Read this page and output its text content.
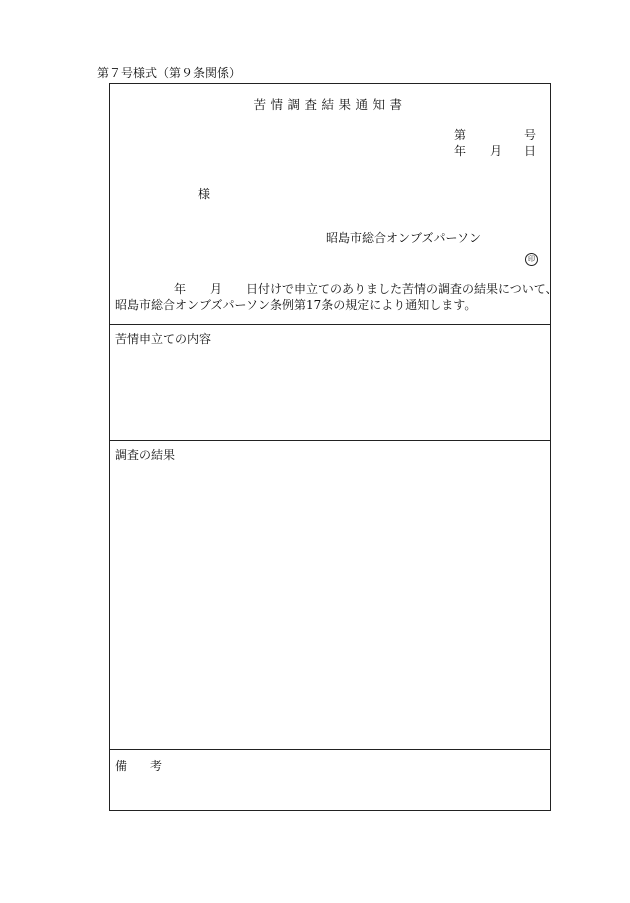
第７号様式（第９条関係）
苦情調査結果通知書
第	号
年 月 日
様
昭島市総合オンブズパーソン
印
年 月 日付けで申立てのありました苦情の調査の結果について、
昭島市総合オンブズパーソン条例第17条の規定により通知します。
苦情申立ての内容
調査の結果
備 考
